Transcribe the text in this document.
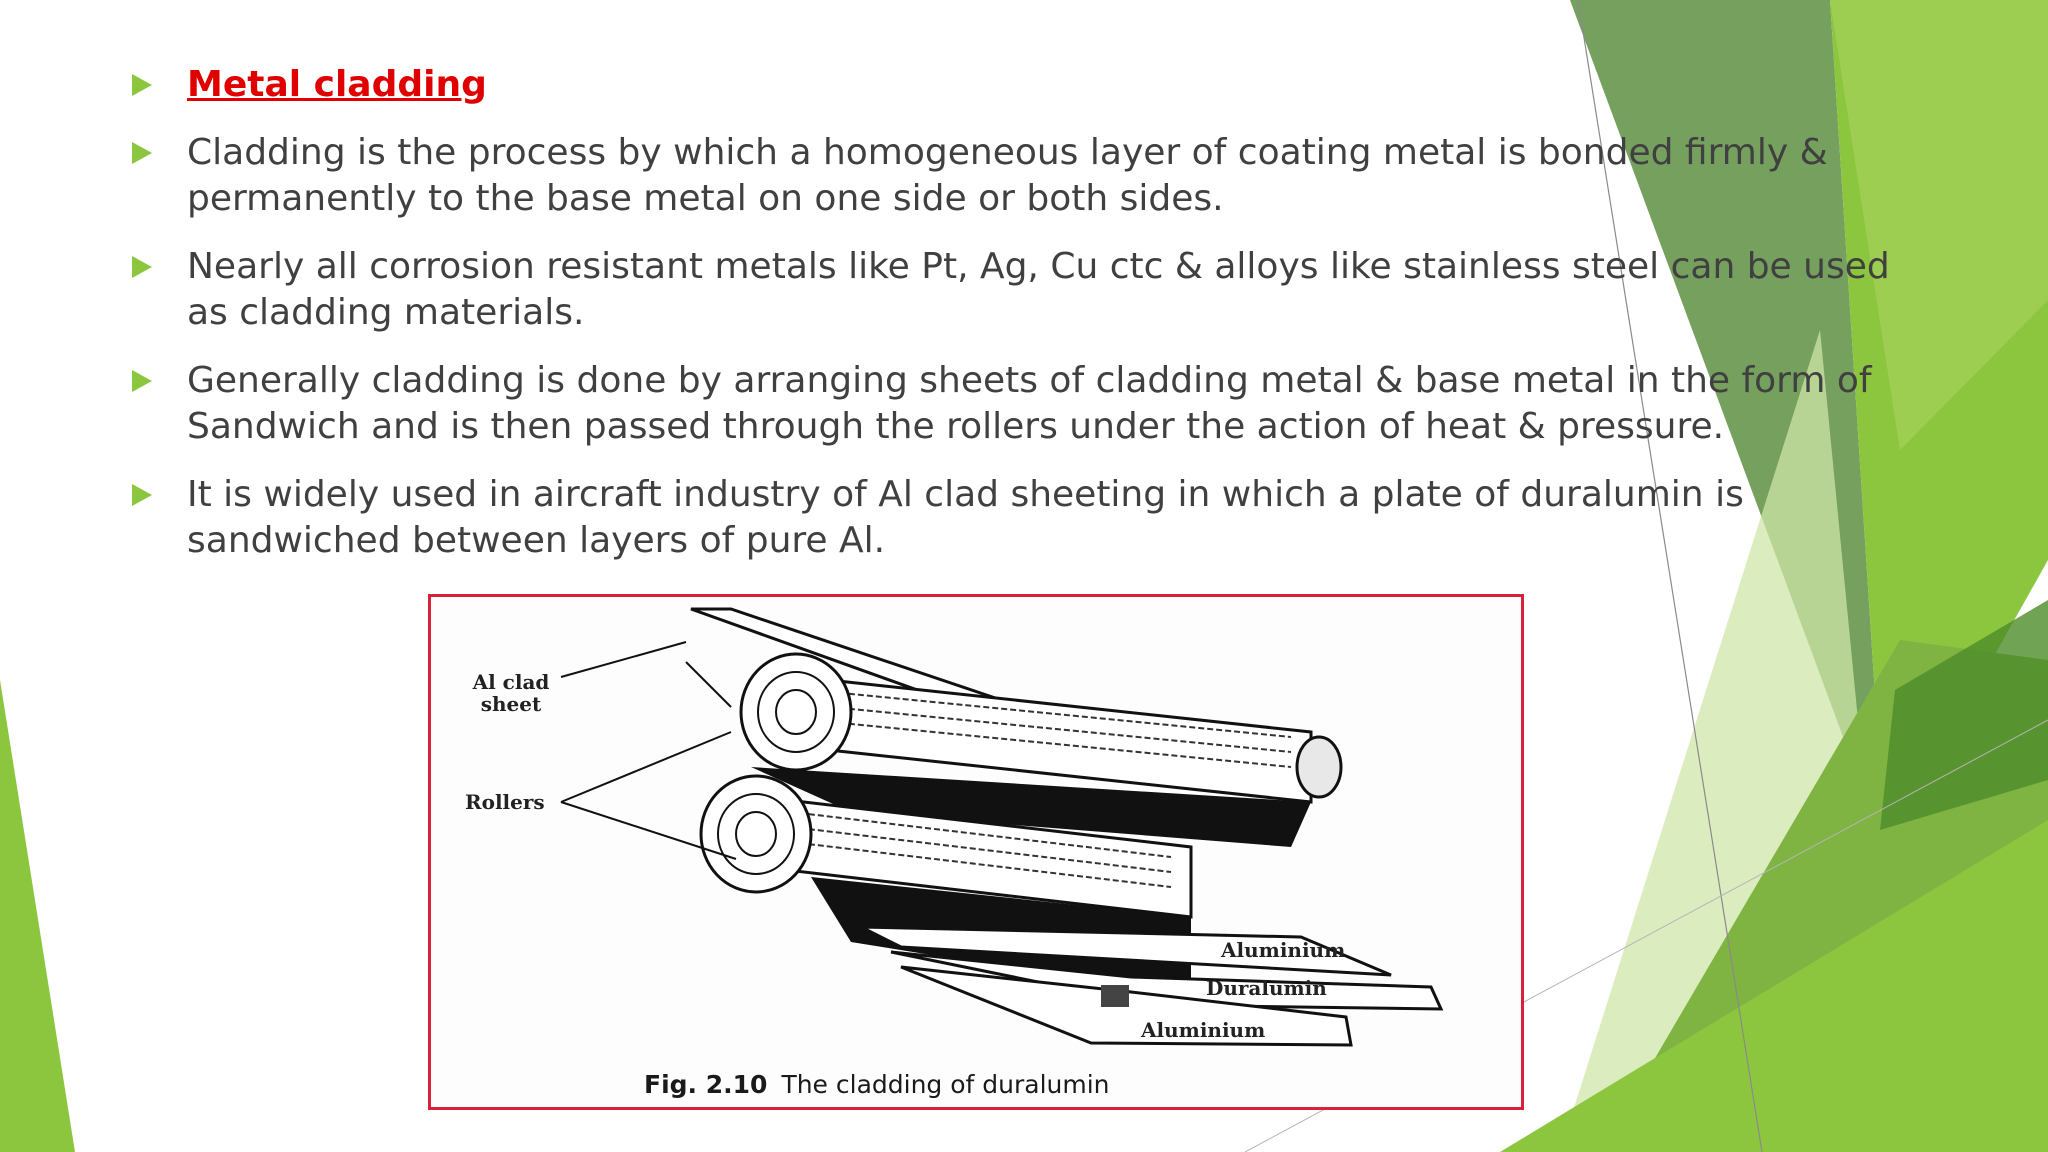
Metal cladding
Cladding is the process by which a homogeneous layer of coating metal is bonded firmly & permanently to the base metal on one side or both sides.
Nearly all corrosion resistant metals like Pt, Ag, Cu ctc & alloys like stainless steel can be used as cladding materials.
Generally cladding is done by arranging sheets of cladding metal & base metal in the form of Sandwich and is then passed through the rollers under the action of heat & pressure.
It is widely used in aircraft industry of Al clad sheeting in which a plate of duralumin is sandwiched between layers of pure Al.
Al clad sheet
Rollers
Aluminium
Duralumin
Aluminium
Fig. 2.10 The cladding of duralumin
